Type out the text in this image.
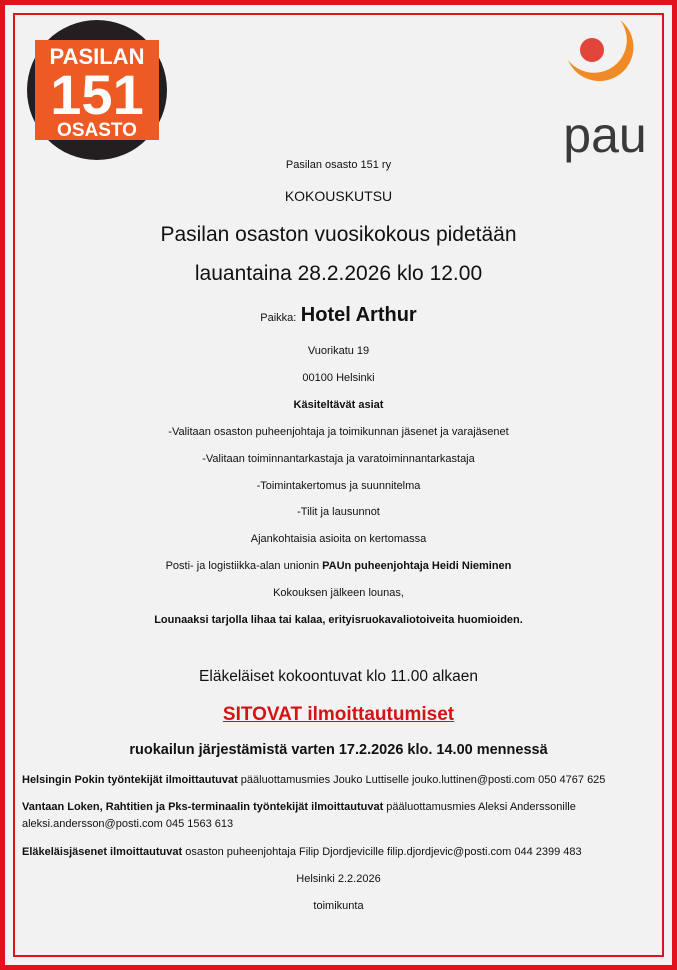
PASILAN
151
OSASTO	pau
Pasilan osasto 151 ry
KOKOUSKUTSU
Pasilan osaston vuosikokous pidetään
lauantaina 28.2.2026 klo 12.00
Paikka: Hotel Arthur
Vuorikatu 19
00100 Helsinki
Käsiteltävät asiat
-Valitaan osaston puheenjohtaja ja toimikunnan jäsenet ja varajäsenet
-Valitaan toiminnantarkastaja ja varatoiminnantarkastaja
-Toimintakertomus ja suunnitelma
-Tilit ja lausunnot
Ajankohtaisia asioita on kertomassa
Posti- ja logistiikka-alan unionin PAUn puheenjohtaja Heidi Nieminen
Kokouksen jälkeen lounas,
Lounaaksi tarjolla lihaa tai kalaa, erityisruokavaliotoiveita huomioiden.
Eläkeläiset kokoontuvat klo 11.00 alkaen
SITOVAT ilmoittautumiset
ruokailun järjestämistä varten 17.2.2026 klo. 14.00 mennessä
Helsingin Pokin työntekijät ilmoittautuvat pääluottamusmies Jouko Luttiselle jouko.luttinen@posti.com 050 4767 625
Vantaan Loken, Rahtitien ja Pks-terminaalin työntekijät ilmoittautuvat pääluottamusmies Aleksi Anderssonille
aleksi.andersson@posti.com 045 1563 613
Eläkeläisjäsenet ilmoittautuvat osaston puheenjohtaja Filip Djordjevicille filip.djordjevic@posti.com 044 2399 483
Helsinki 2.2.2026
toimikunta
